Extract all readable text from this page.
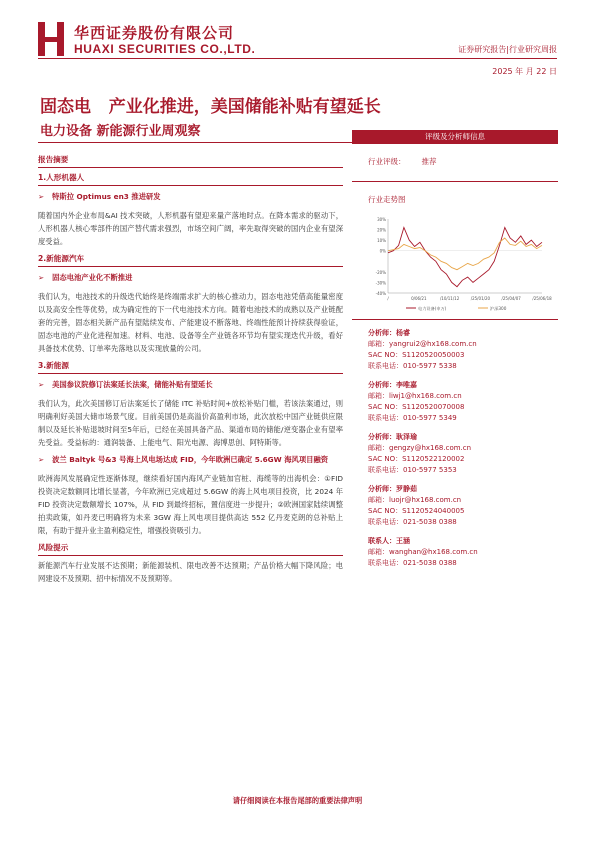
华西证券股份有限公司
HUAXI SECURITIES CO.,LTD.	证券研究报告|行业研究周报
2025 年 月 22 日
固态电   产业化推进，美国储能补贴有望延长
电力设备 新能源行业周观察
报告摘要
1.人形机器人
➢ 特斯拉 Optimus en3 推进研发
随着国内外企业布局&AI 技术突破，人形机器有望迎来量产落地时点。在降本需求的驱动下，人形机器人核心零部件的国产替代需求强烈，市场空间广阔，率先取得突破的国内企业有望深度受益。
2.新能源汽车
➢ 固态电池产业化不断推进
我们认为，电池技术的升级迭代始终是终端需求扩大的核心推动力，固态电池凭借高能量密度以及高安全性等优势，成为确定性的下一代电池技术方向。随着电池技术的成熟以及产业链配套的完善，固态相关新产品有望陆续发布、产能建设不断落地、终端性能预计持续获得验证，固态电池的产业化进程加速。材料、电池、设备等全产业链各环节均有望实现迭代升级，看好具备技术优势、订单率先落地以及实现放量的公司。
3.新能源
➢ 美国参议院修订法案延长法案，储能补贴有望延长
我们认为，此次美国修订后法案延长了储能 ITC 补贴时间+放松补贴门槛，若该法案通过，则明确利好美国大储市场景气度。目前美国仍是高溢价高盈利市场，此次放松中国产业链供应限制以及延长补贴退坡时间至5年后，已经在美国具备产品、渠道布局的储能/逆变器企业有望率先受益。受益标的：通润装备、上能电气、阳光电源、海博思创、阿特斯等。
➢ 波兰 Baltyk 号&3 号海上风电场达成 FID，今年欧洲已确定 5.6GW 海风项目融资
欧洲海风发展确定性逐渐体现，继续看好国内海风产业链加官桩、海缆等的出海机会：①FID 投资决定数额同比增长显著，今年欧洲已完成超过 5.6GW 的海上风电项目投资，比 2024 年 FID 投资决定数额增长 107%，从 FID 到最终招标，置信度进一步提升；②欧洲国家陆续调整拍卖政策，如丹麦已明确将为未来 3GW 海上风电项目提供高达 552 亿丹麦克朗的总补贴上限，有助于提升业主盈利稳定性，增强投资吸引力。
风险提示
新能源汽车行业发展不达预期；新能源装机、限电改善不达预期；产品价格大幅下降风险；电网建设不及预期、招中标情况不及预期等。
评级及分析师信息
行业评级： 推荐
行业走势图
-20%
-30%
-40%
0%
10%
20%
30%
/	0/06/21	/10/11/12	/25/01/20	/25/04/07	/25/06/18
电力设备(申万)	沪深300
分析师：杨睿
邮箱：yangrui2@hx168.com.cn
SAC NO：S1120520050003
联系电话：010-5977 5338
分析师：李唯嘉
邮箱：liwj1@hx168.com.cn
SAC NO：S1120520070008
联系电话：010-5977 5349
分析师：耿泽瑜
邮箱：gengzy@hx168.com.cn
SAC NO：S1120522120002
联系电话：010-5977 5353
分析师：罗静茹
邮箱：luojr@hx168.com.cn
SAC NO：S1120524040005
联系电话：021-5038 0388
联系人：王涵
邮箱：wanghan@hx168.com.cn
联系电话：021-5038 0388
请仔细阅读在本报告尾部的重要法律声明
